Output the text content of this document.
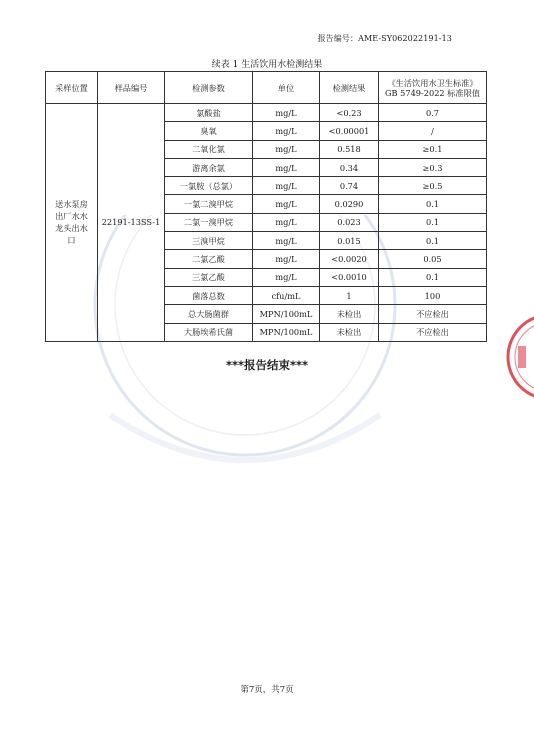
报告编号：AME-SY062022191-13
续表 1 生活饮用水检测结果
采样位置	样品编号	检测参数	单位	检测结果	《生活饮用水卫生标准》
GB 5749-2022 标准限值

送水泵房出厂水水龙头出水口	22191-13SS-1	氯酸盐	mg/L	<0.23	0.7
		臭氧	mg/L	<0.00001	/
		二氧化氯	mg/L	0.518	≥0.1
		游离余氯	mg/L	0.34	≥0.3
		一氯胺（总氯）	mg/L	0.74	≥0.5
		一氯二溴甲烷	mg/L	0.0290	0.1
		二氯一溴甲烷	mg/L	0.023	0.1
		三溴甲烷	mg/L	0.015	0.1
		二氯乙酸	mg/L	<0.0020	0.05
		三氯乙酸	mg/L	<0.0010	0.1
		菌落总数	cfu/mL	1	100
		总大肠菌群	MPN/100mL	未检出	不应检出
		大肠埃希氏菌	MPN/100mL	未检出	不应检出
***报告结束***
第7页，共7页
